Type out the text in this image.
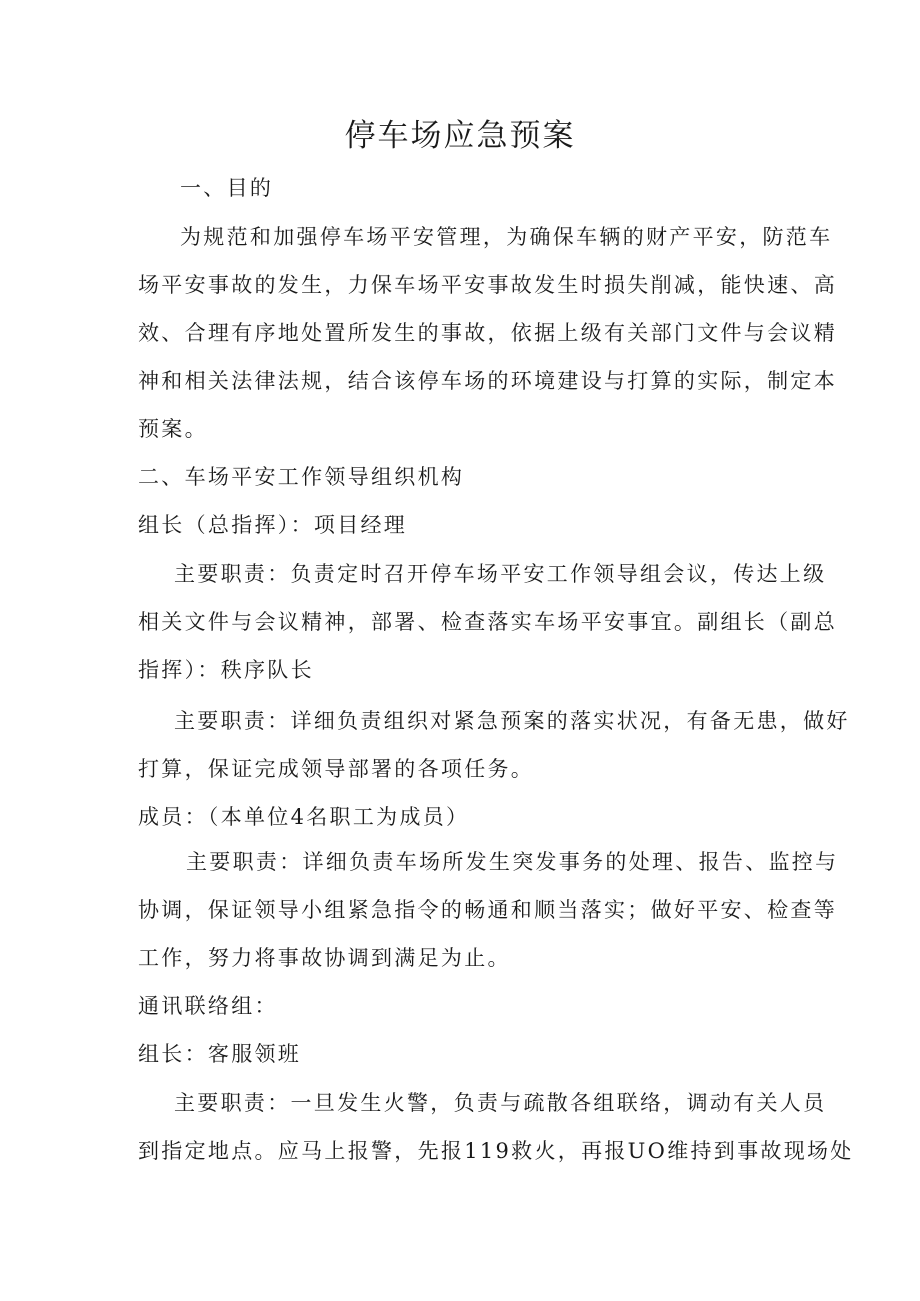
停车场应急预案
一、目的
为规范和加强停车场平安管理，为确保车辆的财产平安，防范车
场平安事故的发生，力保车场平安事故发生时损失削减，能快速、高
效、合理有序地处置所发生的事故，依据上级有关部门文件与会议精
神和相关法律法规，结合该停车场的环境建设与打算的实际，制定本
预案。
二、车场平安工作领导组织机构
组长（总指挥）：项目经理
主要职责：负责定时召开停车场平安工作领导组会议，传达上级
相关文件与会议精神，部署、检查落实车场平安事宜。副组长（副总
指挥）：秩序队长
主要职责：详细负责组织对紧急预案的落实状况，有备无患，做好
打算，保证完成领导部署的各项任务。
成员：（本单位4名职工为成员）
主要职责：详细负责车场所发生突发事务的处理、报告、监控与
协调，保证领导小组紧急指令的畅通和顺当落实；做好平安、检查等
工作，努力将事故协调到满足为止。
通讯联络组：
组长：客服领班
主要职责：一旦发生火警，负责与疏散各组联络，调动有关人员
到指定地点。应马上报警，先报119救火，再报UO维持到事故现场处
